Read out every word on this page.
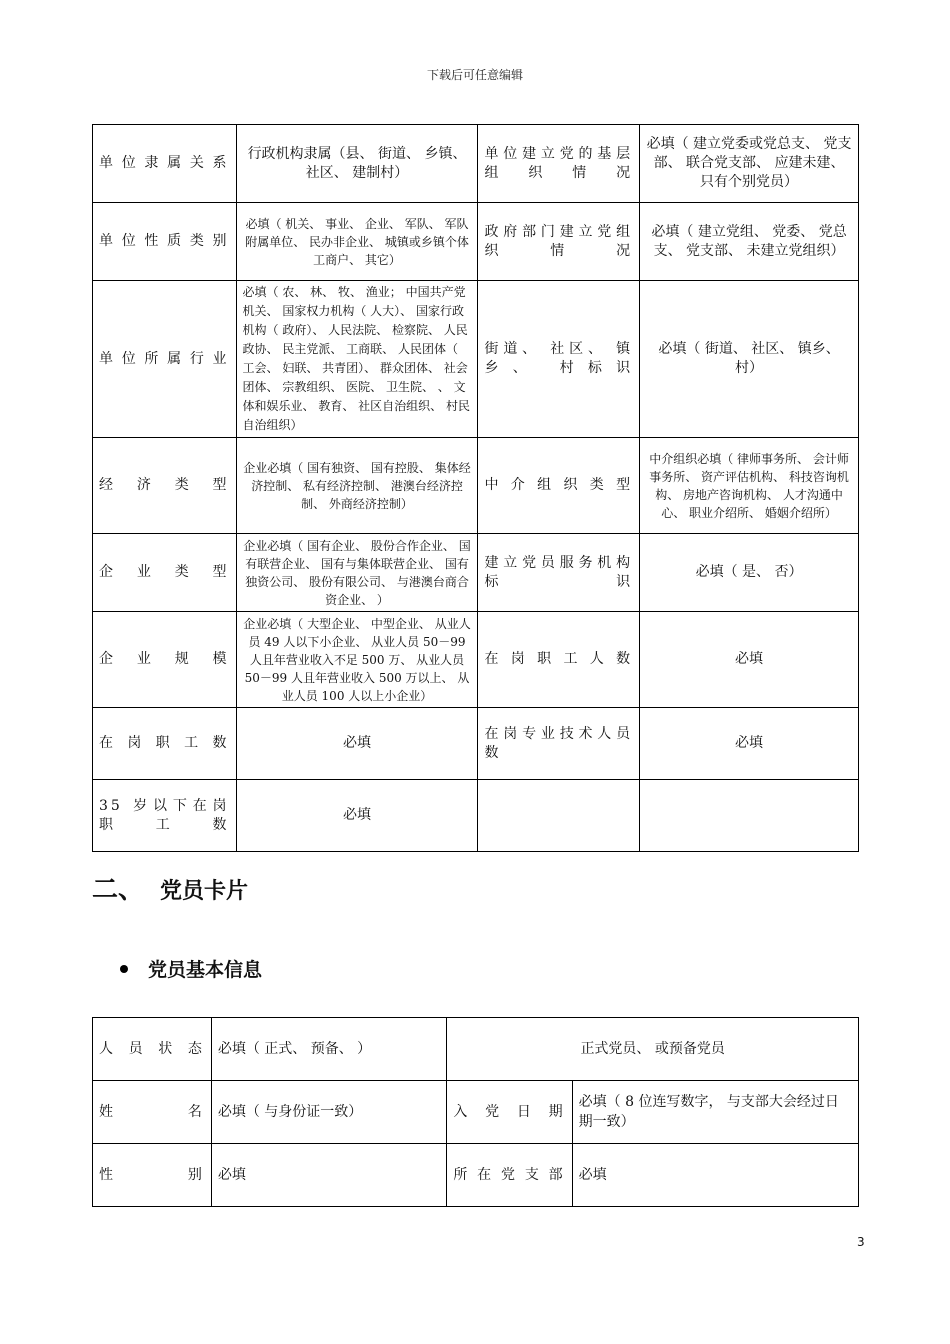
下载后可任意编辑
单位隶属关系	行政机构隶属（县、 街道、 乡镇、 社区、 建制村）	单位建立党的基层组织情况	必填（ 建立党委或党总支、 党支部、 联合党支部、 应建未建、 只有个别党员）
单位性质类别	必填（ 机关、 事业、 企业、 军队、 军队附属单位、 民办非企业、 城镇或乡镇个体工商户、 其它）	政府部门建立党组织情况	必填（ 建立党组、 党委、 党总支、 党支部、 未建立党组织）
单位所属行业	必填（ 农、 林、 牧、 渔业； 中国共产党机关、 国家权力机构（ 人大）、 国家行政机构（ 政府）、 人民法院、 检察院、 人民政协、 民主党派、 工商联、 人民团体（ 工会、 妇联、 共青团）、 群众团体、 社会团体、 宗教组织、 医院、 卫生院、 、 文体和娱乐业、 教育、 社区自治组织、 村民自治组织）	街道、 社区、 镇乡、 村标识	必填（ 街道、 社区、 镇乡、 村）
经济类型	企业必填（ 国有独资、 国有控股、 集体经济控制、 私有经济控制、 港澳台经济控制、 外商经济控制）	中介组织类型	中介组织必填（ 律师事务所、 会计师事务所、 资产评估机构、 科技咨询机构、 房地产咨询机构、 人才沟通中心、 职业介绍所、 婚姻介绍所）
企业类型	企业必填（ 国有企业、 股份合作企业、 国有联营企业、 国有与集体联营企业、 国有独资公司、 股份有限公司、 与港澳台商合资企业、 ）	建立党员服务机构标识	必填（ 是、 否）
企业规模	企业必填（ 大型企业、 中型企业、 从业人员 49 人以下小企业、 从业人员 50－99 人且年营业收入不足 500 万、 从业人员 50－99 人且年营业收入 500 万以上、 从业人员 100 人以上小企业）	在岗职工人数	必填
在岗职工数	必填	在岗专业技术人员数	必填
35 岁以下在岗职工数	必填		
二、 党员卡片
党员基本信息
人员状态	必填（ 正式、 预备、 ）	正式党员、 或预备党员	
姓名	必填（ 与身份证一致）	入党日期	必填（ 8 位连写数字， 与支部大会经过日期一致）
性别	必填	所在党支部	必填
3
